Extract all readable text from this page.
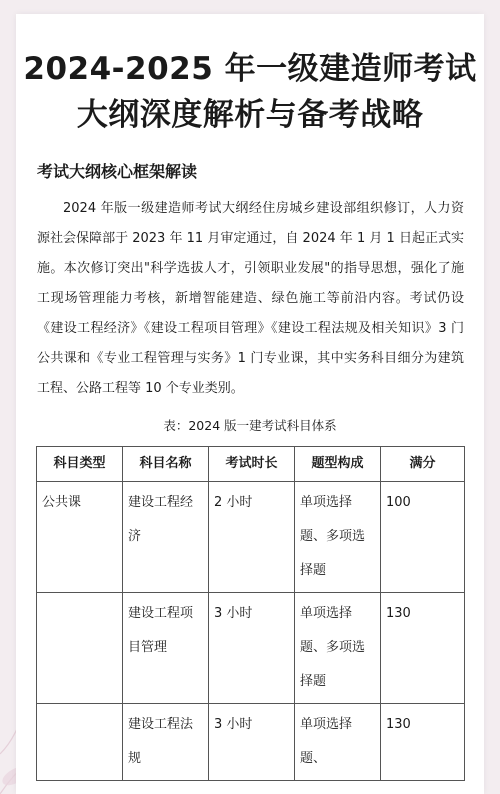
2024-2025 年一级建造师考试
大纲深度解析与备考战略
考试大纲核心框架解读

2024 年版一级建造师考试大纲经住房城乡建设部组织修订，人力资源社会保障部于 2023 年 11 月审定通过，自 2024 年 1 月 1 日起正式实施。本次修订突出"科学选拔人才，引领职业发展"的指导思想，强化了施工现场管理能力考核，新增智能建造、绿色施工等前沿内容。考试仍设《建设工程经济》《建设工程项目管理》《建设工程法规及相关知识》3 门公共课和《专业工程管理与实务》1 门专业课，其中实务科目细分为建筑工程、公路工程等 10 个专业类别。

表：2024 版一建考试科目体系
科目类型	科目名称	考试时长	题型构成	满分
公共课	建设工程经济	2 小时	单项选择题、多项选择题	100
	建设工程项目管理	3 小时	单项选择题、多项选择题	130
	建设工程法规	3 小时	单项选择题、	130
